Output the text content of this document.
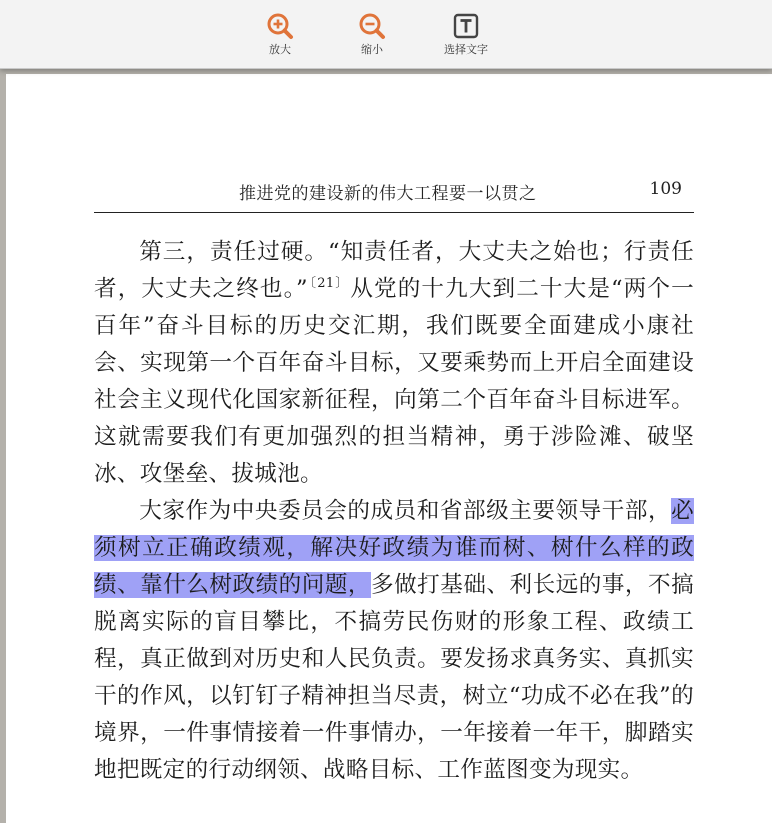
放大	缩小	选择文字
推进党的建设新的伟大工程要一以贯之	109

第三，责任过硬。“知责任者，大丈夫之始也；行责任者，大丈夫之终也。”$^{〔21〕}$从党的十九大到二十大是“两个一百年”奋斗目标的历史交汇期，我们既要全面建成小康社会、实现第一个百年奋斗目标，又要乘势而上开启全面建设社会主义现代化国家新征程，向第二个百年奋斗目标进军。这就需要我们有更加强烈的担当精神，勇于涉险滩、破坚冰、攻堡垒、拔城池。

大家作为中央委员会的成员和省部级主要领导干部，必须树立正确政绩观，解决好政绩为谁而树、树什么样的政绩、靠什么树政绩的问题，多做打基础、利长远的事，不搞脱离实际的盲目攀比，不搞劳民伤财的形象工程、政绩工程，真正做到对历史和人民负责。要发扬求真务实、真抓实干的作风，以钉钉子精神担当尽责，树立“功成不必在我”的境界，一件事情接着一件事情办，一年接着一年干，脚踏实地把既定的行动纲领、战略目标、工作蓝图变为现实。
